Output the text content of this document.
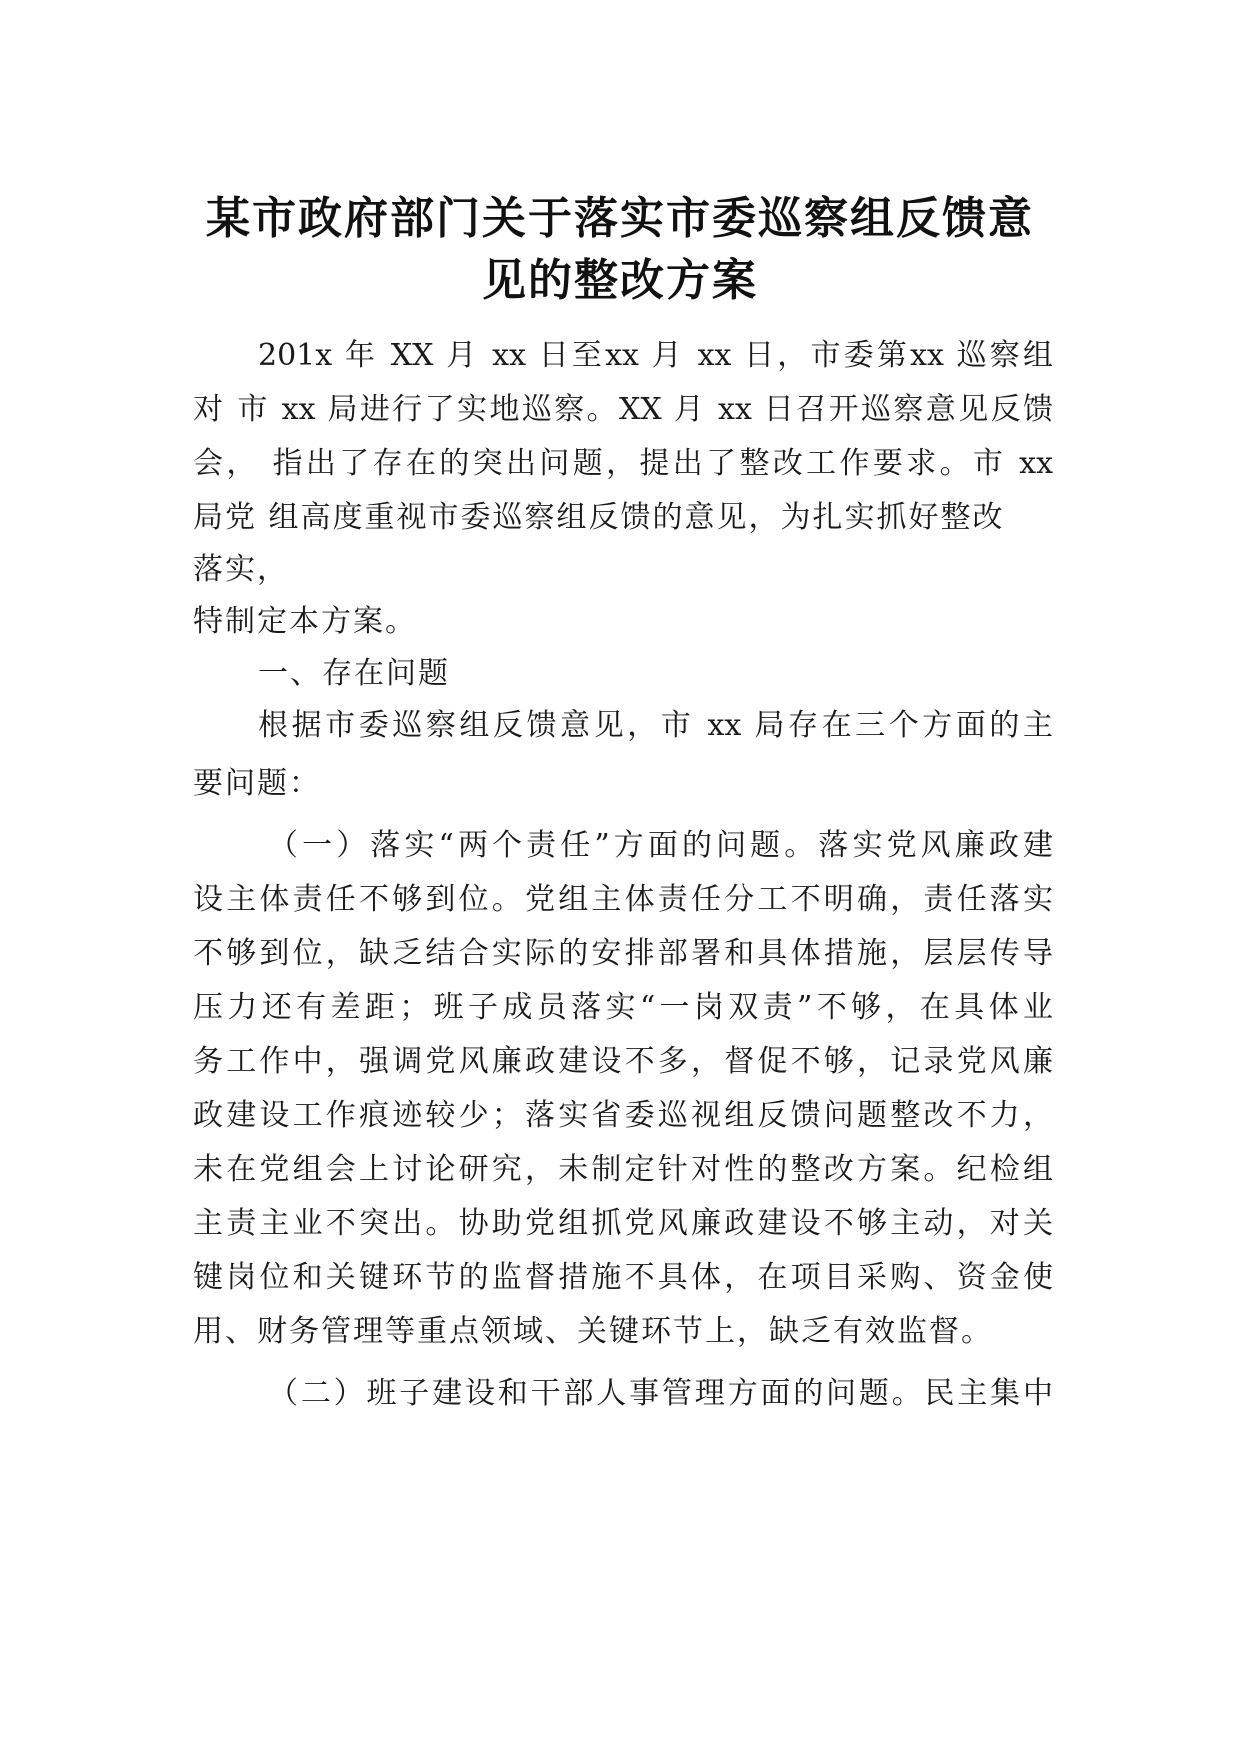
某市政府部门关于落实市委巡察组反馈意
见的整改方案

201x 年 XX 月 xx 日至xx 月 xx 日，市委第xx 巡察组

对 市 xx 局进行了实地巡察。XX 月 xx 日召开巡察意见反馈

会， 指出了存在的突出问题，提出了整改工作要求。市 xx

局党 组高度重视市委巡察组反馈的意见，为扎实抓好整改

落实，

特制定本方案。

一、存在问题

根据市委巡察组反馈意见，市 xx 局存在三个方面的主

要问题：

（一）落实“两个责任”方面的问题。落实党风廉政建

设主体责任不够到位。党组主体责任分工不明确，责任落实

不够到位，缺乏结合实际的安排部署和具体措施，层层传导

压力还有差距；班子成员落实“一岗双责”不够，在具体业

务工作中，强调党风廉政建设不多，督促不够，记录党风廉

政建设工作痕迹较少；落实省委巡视组反馈问题整改不力，

未在党组会上讨论研究，未制定针对性的整改方案。纪检组

主责主业不突出。协助党组抓党风廉政建设不够主动，对关

键岗位和关键环节的监督措施不具体，在项目采购、资金使

用、财务管理等重点领域、关键环节上，缺乏有效监督。

（二）班子建设和干部人事管理方面的问题。民主集中
